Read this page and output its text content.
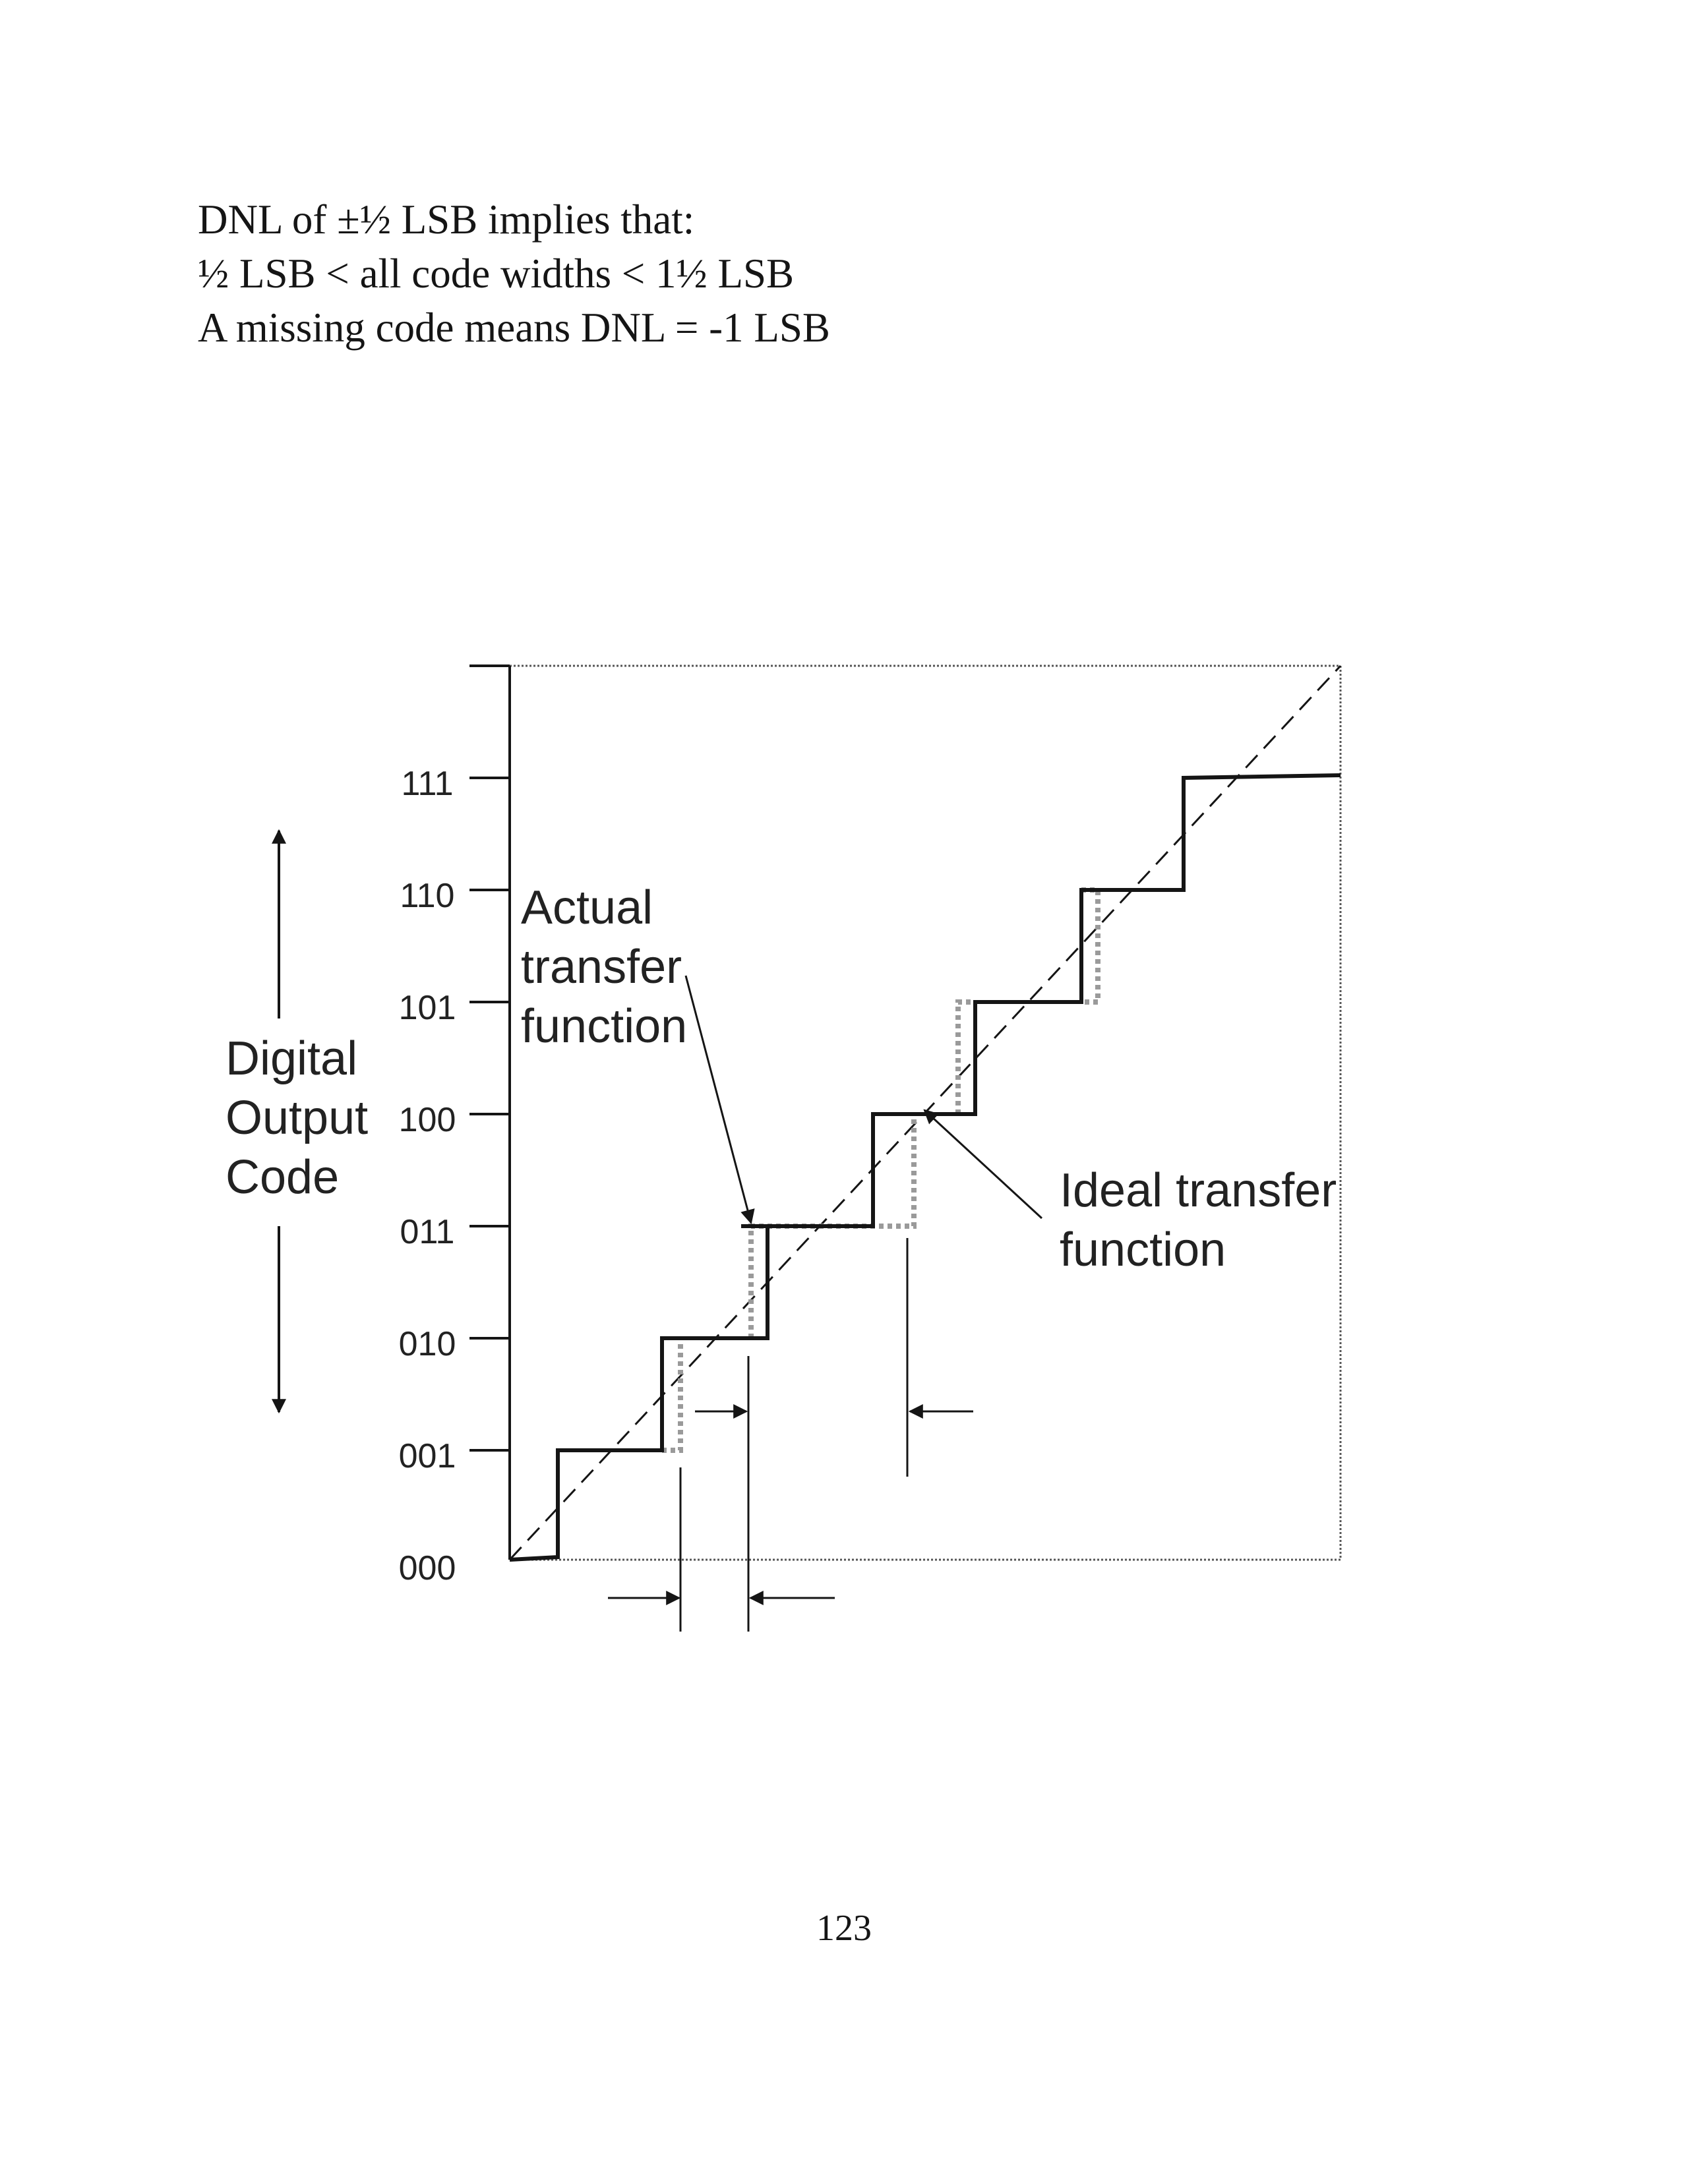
DNL of ±½ LSB implies that:
½ LSB < all code widths < 1½ LSB
A missing code means DNL = -1 LSB
111
110
101
100
011
010
001
000
Digital
Output
Code
Actual
transfer
function
Ideal transfer
function
123
